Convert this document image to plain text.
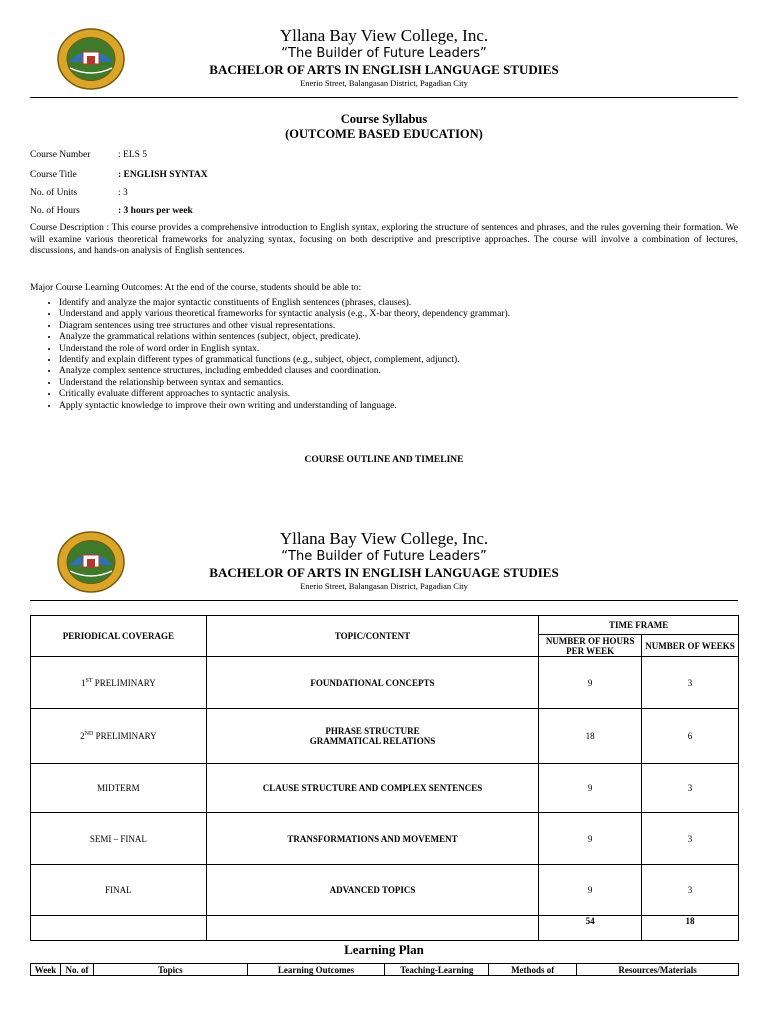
Yllana Bay View College, Inc.
“The Builder of Future Leaders”
BACHELOR OF ARTS IN ENGLISH LANGUAGE STUDIES
Enerio Street, Balangasan District, Pagadian City
Course Syllabus
(OUTCOME BASED EDUCATION)
Course Number	: ELS 5
Course Title	: ENGLISH SYNTAX
No. of Units	: 3
No. of Hours	: 3 hours per week
Course Description : This course provides a comprehensive introduction to English syntax, exploring the structure of sentences and phrases, and the rules governing their formation. We will examine various theoretical frameworks for analyzing syntax, focusing on both descriptive and prescriptive approaches. The course will involve a combination of lectures, discussions, and hands-on analysis of English sentences.
Major Course Learning Outcomes: At the end of the course, students should be able to:
• Identify and analyze the major syntactic constituents of English sentences (phrases, clauses).
• Understand and apply various theoretical frameworks for syntactic analysis (e.g., X-bar theory, dependency grammar).
• Diagram sentences using tree structures and other visual representations.
• Analyze the grammatical relations within sentences (subject, object, predicate).
• Understand the role of word order in English syntax.
• Identify and explain different types of grammatical functions (e.g., subject, object, complement, adjunct).
• Analyze complex sentence structures, including embedded clauses and coordination.
• Understand the relationship between syntax and semantics.
• Critically evaluate different approaches to syntactic analysis.
• Apply syntactic knowledge to improve their own writing and understanding of language.
COURSE OUTLINE AND TIMELINE
Yllana Bay View College, Inc.
“The Builder of Future Leaders”
BACHELOR OF ARTS IN ENGLISH LANGUAGE STUDIES
Enerio Street, Balangasan District, Pagadian City
PERIODICAL COVERAGE	TOPIC/CONTENT	TIME FRAME	
		NUMBER OF HOURS PER WEEK	NUMBER OF WEEKS
1ST PRELIMINARY	FOUNDATIONAL CONCEPTS	9	3
2ND PRELIMINARY	PHRASE STRUCTURE
GRAMMATICAL RELATIONS	18	6
MIDTERM	CLAUSE STRUCTURE AND COMPLEX SENTENCES	9	3
SEMI – FINAL	TRANSFORMATIONS AND MOVEMENT	9	3
FINAL	ADVANCED TOPICS	9	3
		54	18
Learning Plan
Week	No. of	Topics	Learning Outcomes	Teaching-Learning	Methods of	Resources/Materials
